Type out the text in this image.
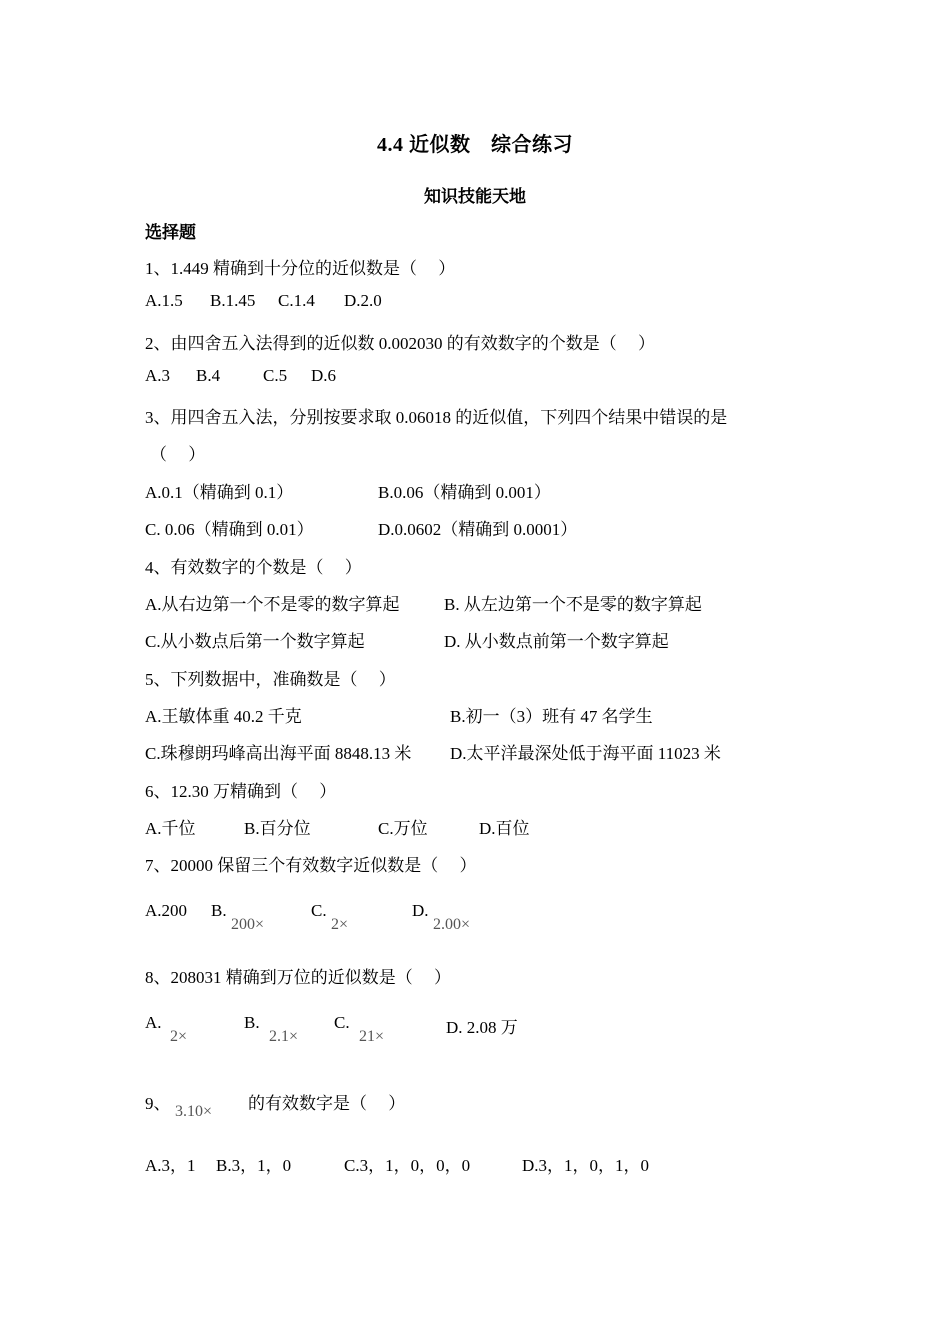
4.4 近似数　综合练习
知识技能天地
选择题
1、1.449 精确到十分位的近似数是（　 ）
A.1.5 B.1.45 C.1.4 D.2.0
2、由四舍五入法得到的近似数 0.002030 的有效数字的个数是（　 ）
A.3 B.4	C.5 D.6
3、用四舍五入法，分别按要求取 0.06018 的近似值，下列四个结果中错误的是
（　 ）
A.0.1（精确到 0.1）	B.0.06（精确到 0.001）
C. 0.06（精确到 0.01）	D.0.0602（精确到 0.0001）
4、有效数字的个数是（　 ）
A.从右边第一个不是零的数字算起	B. 从左边第一个不是零的数字算起
C.从小数点后第一个数字算起	D. 从小数点前第一个数字算起
5、下列数据中，准确数是（　 ）
A.王敏体重 40.2 千克	B.初一（3）班有 47 名学生
C.珠穆朗玛峰高出海平面 8848.13 米 D.太平洋最深处低于海平面 11023 米
6、12.30 万精确到（　 ）
A.千位	B.百分位	C.万位	D.百位
7、20000 保留三个有效数字近似数是（　 ）
A.200 B.
200×
C.
2×
D.
2.00×
8、208031 精确到万位的近似数是（　 ）
A.
2×
B.
2.1×
C.
21×	D. 2.08 万
9、 3.10× 的有效数字是（　 ）
A.3，1 B.3，1，0	C.3，1，0，0，0	D.3，1，0，1，0
